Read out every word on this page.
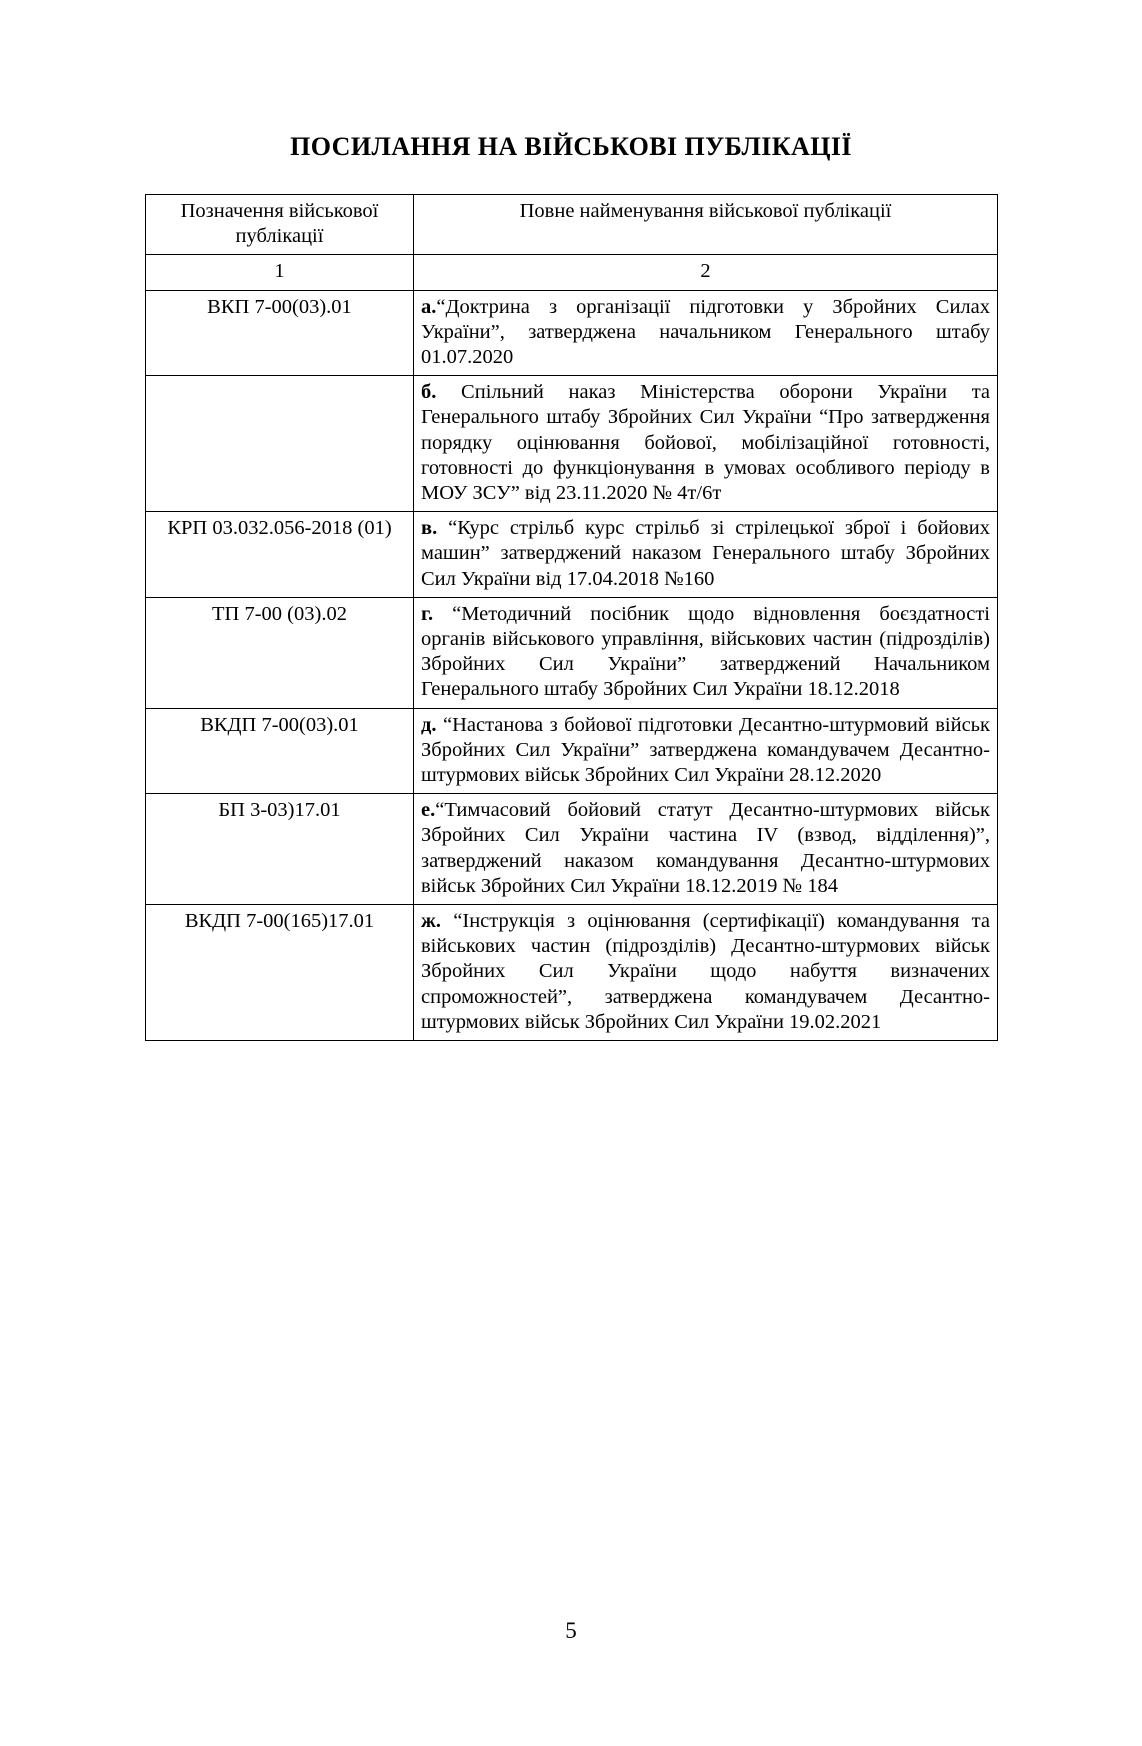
ПОСИЛАННЯ НА ВІЙСЬКОВІ ПУБЛІКАЦІЇ
Позначення військової публікації	Повне найменування військової публікації
1	2
ВКП 7-00(03).01	а.“Доктрина з організації підготовки у Збройних Силах України”, затверджена начальником Генерального штабу 01.07.2020
	б. Спільний наказ Міністерства оборони України та Генерального штабу Збройних Сил України “Про затвердження порядку оцінювання бойової, мобілізаційної готовності, готовності до функціонування в умовах особливого періоду в МОУ ЗСУ” від 23.11.2020 № 4т/6т
КРП 03.032.056-2018 (01)	в. “Курс стрільб курс стрільб зі стрілецької зброї і бойових машин” затверджений наказом Генерального штабу Збройних Сил України від 17.04.2018 №160
ТП 7-00 (03).02	г. “Методичний посібник щодо відновлення боєздатності органів військового управління, військових частин (підрозділів) Збройних Сил України” затверджений Начальником Генерального штабу Збройних Сил України 18.12.2018
ВКДП 7-00(03).01	д. “Настанова з бойової підготовки Десантно-штурмовий військ Збройних Сил України” затверджена командувачем Десантно-штурмових військ Збройних Сил України 28.12.2020
БП 3-03)17.01	е.“Тимчасовий бойовий статут Десантно-штурмових військ Збройних Сил України частина IV (взвод, відділення)”, затверджений наказом командування Десантно-штурмових військ Збройних Сил України 18.12.2019 № 184
ВКДП 7-00(165)17.01	ж. “Інструкція з оцінювання (сертифікації) командування та військових частин (підрозділів) Десантно-штурмових військ Збройних Сил України щодо набуття визначених спроможностей”, затверджена командувачем Десантно-штурмових військ Збройних Сил України 19.02.2021
5
